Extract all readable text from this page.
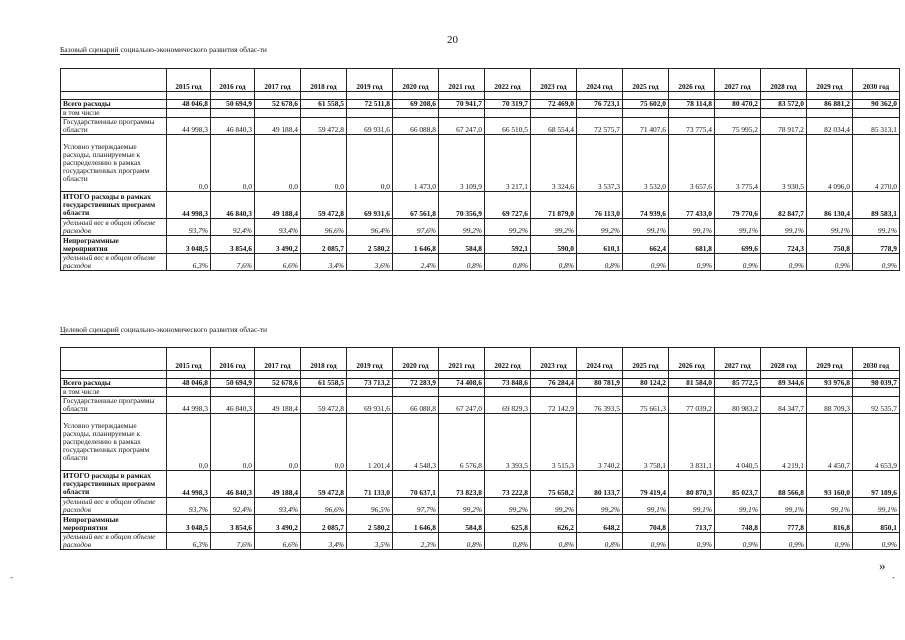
20
Базовый сценарий социально-экономического развития облас-ти
	2015 год	2016 год	2017 год	2018 год	2019 год	2020 год	2021 год	2022 год	2023 год	2024 год	2025 год	2026 год	2027 год	2028 год	2029 год	2030 год

Всего расходы	48 046,8	50 694,9	52 678,6	61 558,5	72 511,8	69 208,6	70 941,7	70 319,7	72 469,0	76 723,1	75 602,0	78 114,8	80 470,2	83 572,0	86 881,2	90 362,0
в том числе																
Государственные программы области	44 998,3	46 840,3	49 188,4	59 472,8	69 931,6	66 088,8	67 247,0	66 510,5	68 554,4	72 575,7	71 407,6	73 775,4	75 995,2	78 917,2	82 034,4	85 313,1
Условно утверждаемые расходы, планируемые к распределению в рамках государственных программ области	0,0	0,0	0,0	0,0	0,0	1 473,0	3 109,9	3 217,1	3 324,6	3 537,3	3 532,0	3 657,6	3 775,4	3 930,5	4 096,0	4 270,0
ИТОГО расходы в рамках государственных программ области	44 998,3	46 840,3	49 188,4	59 472,8	69 931,6	67 561,8	70 356,9	69 727,6	71 879,0	76 113,0	74 939,6	77 433,0	79 770,6	82 847,7	86 130,4	89 583,1
удельный вес в общем объеме расходов	93,7%	92,4%	93,4%	96,6%	96,4%	97,6%	99,2%	99,2%	99,2%	99,2%	99,1%	99,1%	99,1%	99,1%	99,1%	99,1%
Непрограммные мероприятия	3 048,5	3 854,6	3 490,2	2 085,7	2 580,2	1 646,8	584,8	592,1	590,0	610,1	662,4	681,8	699,6	724,3	750,8	778,9
удельный вес в общем объеме расходов	6,3%	7,6%	6,6%	3,4%	3,6%	2,4%	0,8%	0,8%	0,8%	0,8%	0,9%	0,9%	0,9%	0,9%	0,9%	0,9%
Целевой сценарий социально-экономического развития облас-ти
	2015 год	2016 год	2017 год	2018 год	2019 год	2020 год	2021 год	2022 год	2023 год	2024 год	2025 год	2026 год	2027 год	2028 год	2029 год	2030 год

Всего расходы	48 046,8	50 694,9	52 678,6	61 558,5	73 713,2	72 283,9	74 408,6	73 848,6	76 284,4	80 781,9	80 124,2	81 584,0	85 772,5	89 344,6	93 976,8	98 039,7
в том числе																
Государственные программы области	44 998,3	46 840,3	49 188,4	59 472,8	69 931,6	66 088,8	67 247,0	69 829,3	72 142,9	76 393,5	75 661,3	77 039,2	80 983,2	84 347,7	88 709,3	92 535,7
Условно утверждаемые расходы, планируемые к распределению в рамках государственных программ области	0,0	0,0	0,0	0,0	1 201,4	4 548,3	6 576,8	3 393,5	3 515,3	3 740,2	3 758,1	3 831,1	4 040,5	4 219,1	4 450,7	4 653,9
ИТОГО расходы в рамках государственных программ области	44 998,3	46 840,3	49 188,4	59 472,8	71 133,0	70 637,1	73 823,8	73 222,8	75 658,2	80 133,7	79 419,4	80 870,3	85 023,7	88 566,8	93 160,0	97 189,6
удельный вес в общем объеме расходов	93,7%	92,4%	93,4%	96,6%	96,5%	97,7%	99,2%	99,2%	99,2%	99,2%	99,1%	99,1%	99,1%	99,1%	99,1%	99,1%
Непрограммные мероприятия	3 048,5	3 854,6	3 490,2	2 085,7	2 580,2	1 646,8	584,8	625,8	626,2	648,2	704,8	713,7	748,8	777,8	816,8	850,1
удельный вес в общем объеме расходов	6,3%	7,6%	6,6%	3,4%	3,5%	2,3%	0,8%	0,8%	0,8%	0,8%	0,9%	0,9%	0,9%	0,9%	0,9%	0,9%
»
-	-
